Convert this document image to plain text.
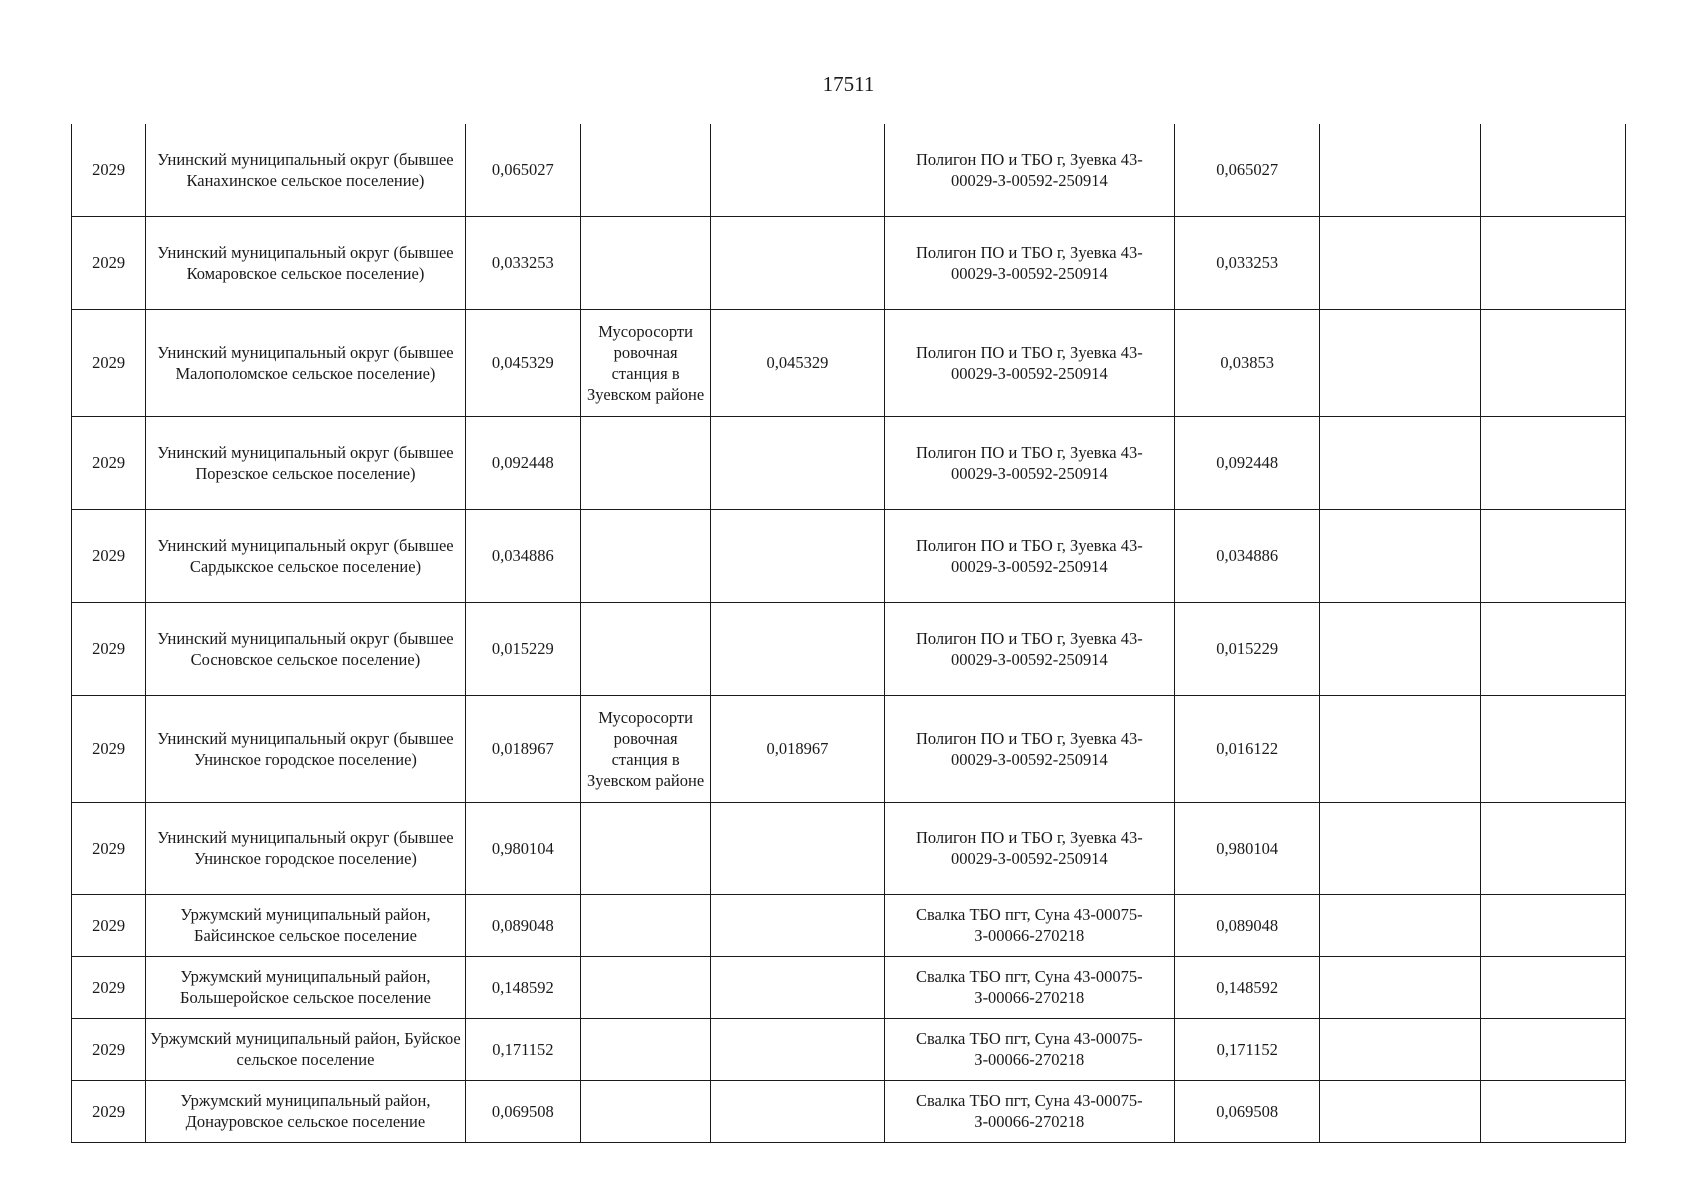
17511
2029	Унинский муниципальный округ (бывшее Канахинское сельское поселение)	0,065027			Полигон ПО и ТБО г, Зуевка 43-00029-З-00592-250914	0,065027		
2029	Унинский муниципальный округ (бывшее Комаровское сельское поселение)	0,033253			Полигон ПО и ТБО г, Зуевка 43-00029-З-00592-250914	0,033253		
2029	Унинский муниципальный округ (бывшее Малополомское сельское поселение)	0,045329	Мусоросорти ровочная станция в Зуевском районе	0,045329	Полигон ПО и ТБО г, Зуевка 43-00029-З-00592-250914	0,03853		
2029	Унинский муниципальный округ (бывшее Порезское сельское поселение)	0,092448			Полигон ПО и ТБО г, Зуевка 43-00029-З-00592-250914	0,092448		
2029	Унинский муниципальный округ (бывшее Сардыкское сельское поселение)	0,034886			Полигон ПО и ТБО г, Зуевка 43-00029-З-00592-250914	0,034886		
2029	Унинский муниципальный округ (бывшее Сосновское сельское поселение)	0,015229			Полигон ПО и ТБО г, Зуевка 43-00029-З-00592-250914	0,015229		
2029	Унинский муниципальный округ (бывшее Унинское городское поселение)	0,018967	Мусоросорти ровочная станция в Зуевском районе	0,018967	Полигон ПО и ТБО г, Зуевка 43-00029-З-00592-250914	0,016122		
2029	Унинский муниципальный округ (бывшее Унинское городское поселение)	0,980104			Полигон ПО и ТБО г, Зуевка 43-00029-З-00592-250914	0,980104		
2029	Уржумский муниципальный район, Байсинское сельское поселение	0,089048			Свалка ТБО пгт, Суна 43-00075-З-00066-270218	0,089048		
2029	Уржумский муниципальный район, Большеройское сельское поселение	0,148592			Свалка ТБО пгт, Суна 43-00075-З-00066-270218	0,148592		
2029	Уржумский муниципальный район, Буйское сельское поселение	0,171152			Свалка ТБО пгт, Суна 43-00075-З-00066-270218	0,171152		
2029	Уржумский муниципальный район, Донауровское сельское поселение	0,069508			Свалка ТБО пгт, Суна 43-00075-З-00066-270218	0,069508		
